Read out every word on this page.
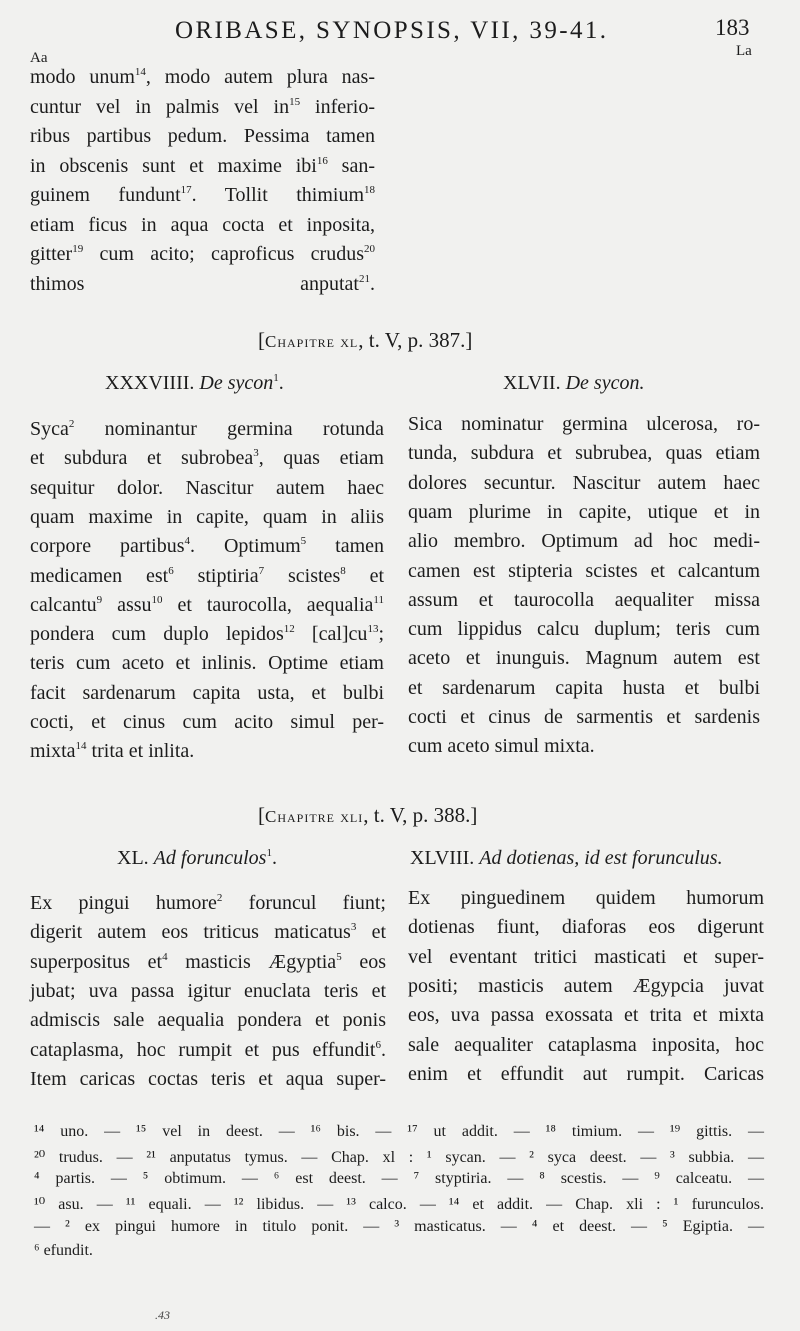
ORIBASE, SYNOPSIS, VII, 39-41.	183
Aa	La
modo unum$^{14}$, modo autem plura nas-
cuntur vel in palmis vel $in^{15}$ inferio-
ribus partibus pedum. Pessima tamen
in obscenis sunt et maxime ibi$^{16}$ san-
guinem fundunt$^{17}$. Tollit thimium$^{18}$
etiam ficus in aqua cocta et inposita,
gitter$^{19}$ cum acito; caproficus crudus$^{20}$
thimos anputat$^{21}$.
[Chapitre xl, t. V, p. 387.]
XXXVIIII. De sycon$^1$.	XLVII. De sycon.
Syca$^2$ nominantur germina rotunda
et subdura et subrobea$^3$, quas etiam
sequitur dolor. Nascitur autem haec
quam maxime in capite, quam in aliis
corpore partibus$^4$. Optimum$^5$ tamen
medicamen est$^6$ stiptiria$^7$ scistes$^8$ et
calcantu$^9$ assu$^{10}$ et taurocolla, aequalia$^{11}$
pondera cum duplo lepidos$^{12}$ $[cal]cu^{13}$;
teris cum aceto et inlinis. Optime etiam
facit sardenarum capita usta, et bulbi
cocti, et cinus cum acito simul per-
mixta$^{14}$ trita et inlita.
Sica nominatur germina ulcerosa, ro-
tunda, subdura et subrubea, quas etiam
dolores secuntur. Nascitur autem haec
quam plurime in capite, utique et in
alio membro. Optimum ad hoc medi-
camen est stipteria scistes et calcantum
assum et taurocolla aequaliter missa
cum lippidus calcu duplum; teris cum
aceto et inunguis. Magnum autem est
et sardenarum capita husta et bulbi
cocti et cinus de sarmentis et sardenis
cum aceto simul mixta.
[Chapitre xli, t. V, p. 388.]
XL. Ad forunculos$^1$.	XLVIII. Ad dotienas, id est forunculus.
Ex pingui humore$^2$ foruncul fiunt;
digerit autem eos triticus maticatus$^3$ et
superpositus $et^4$ masticis Ægyptia$^5$ eos
jubat; uva passa igitur enuclata teris et
admiscis sale aequalia pondera et ponis
cataplasma, hoc rumpit et pus effundit$^6$.
Item caricas coctas teris et aqua super-
Ex pinguedinem quidem humorum
dotienas fiunt, diaforas eos digerunt
vel eventant tritici masticati et super-
positi; masticis autem Ægypcia juvat
eos, uva passa exossata et trita et mixta
sale aequaliter cataplasma inposita, hoc
enim et effundit aut rumpit. Caricas
¹⁴ uno. — ¹⁵ vel in deest. — ¹⁶ bis. — ¹⁷ ut addit. — ¹⁸ timium. — ¹⁹ gittis. —
²⁰ trudus. — ²¹ anputatus tymus. — Chap. xl : ¹ sycan. — ² syca deest. — ³ subbia. —
⁴ partis. — ⁵ obtimum. — ⁶ est deest. — ⁷ styptiria. — ⁸ scestis. — ⁹ calceatu. —
¹⁰ asu. — ¹¹ equali. — ¹² libidus. — ¹³ calco. — ¹⁴ et addit. — Chap. xli : ¹ furunculos.
— ² ex pingui humore in titulo ponit. — ³ masticatus. — ⁴ et deest. — ⁵ Egiptia. —
⁶ efundit.
.43
